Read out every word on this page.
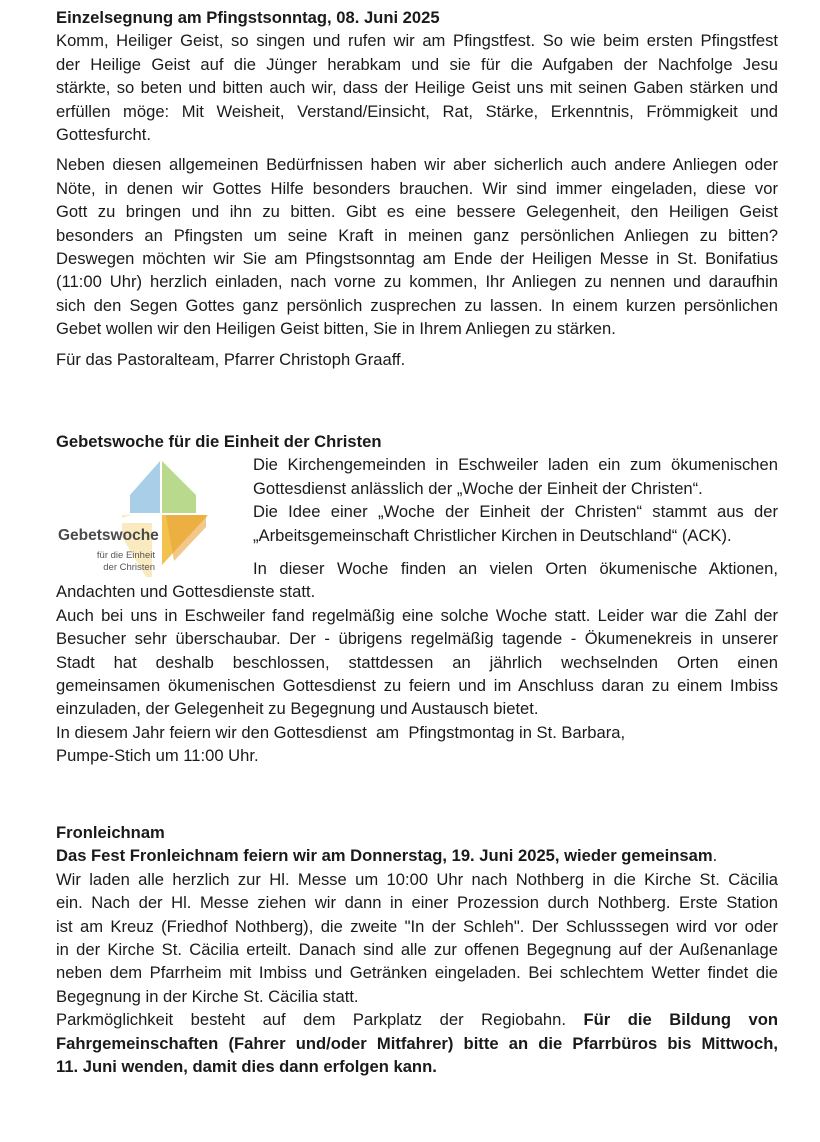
Einzelsegnung am Pfingstsonntag, 08. Juni 2025

Komm, Heiliger Geist, so singen und rufen wir am Pfingstfest. So wie beim ersten Pfingstfest
der Heilige Geist auf die Jünger herabkam und sie für die Aufgaben der Nachfolge Jesu
stärkte, so beten und bitten auch wir, dass der Heilige Geist uns mit seinen Gaben stärken und
erfüllen möge: Mit Weisheit, Verstand/Einsicht, Rat, Stärke, Erkenntnis, Frömmigkeit und
Gottesfurcht.

Neben diesen allgemeinen Bedürfnissen haben wir aber sicherlich auch andere Anliegen oder
Nöte, in denen wir Gottes Hilfe besonders brauchen. Wir sind immer eingeladen, diese vor
Gott zu bringen und ihn zu bitten. Gibt es eine bessere Gelegenheit, den Heiligen Geist
besonders an Pfingsten um seine Kraft in meinen ganz persönlichen Anliegen zu bitten?
Deswegen möchten wir Sie am Pfingstsonntag am Ende der Heiligen Messe in St. Bonifatius
(11:00 Uhr) herzlich einladen, nach vorne zu kommen, Ihr Anliegen zu nennen und daraufhin
sich den Segen Gottes ganz persönlich zusprechen zu lassen. In einem kurzen persönlichen
Gebet wollen wir den Heiligen Geist bitten, Sie in Ihrem Anliegen zu stärken.

Für das Pastoralteam, Pfarrer Christoph Graaff.

Gebetswoche für die Einheit der Christen
Gebetswoche
für die Einheit
der Christen
Die Kirchengemeinden in Eschweiler laden ein zum ökumenischen
Gottesdienst anlässlich der „Woche der Einheit der Christen“.
Die Idee einer „Woche der Einheit der Christen“ stammt aus der
„Arbeitsgemeinschaft Christlicher Kirchen in Deutschland“ (ACK).
In dieser Woche finden an vielen Orten ökumenische Aktionen,
Andachten und Gottesdienste statt.
Auch bei uns in Eschweiler fand regelmäßig eine solche Woche statt. Leider war die Zahl der
Besucher sehr überschaubar. Der - übrigens regelmäßig tagende - Ökumenekreis in unserer
Stadt hat deshalb beschlossen, stattdessen an jährlich wechselnden Orten einen
gemeinsamen ökumenischen Gottesdienst zu feiern und im Anschluss daran zu einem Imbiss
einzuladen, der Gelegenheit zu Begegnung und Austausch bietet.
In diesem Jahr feiern wir den Gottesdienst  am  Pfingstmontag in St. Barbara,
Pumpe-Stich um 11:00 Uhr.
Fronleichnam
Das Fest Fronleichnam feiern wir am Donnerstag, 19. Juni 2025, wieder gemeinsam.
Wir laden alle herzlich zur Hl. Messe um 10:00 Uhr nach Nothberg in die Kirche St. Cäcilia
ein. Nach der Hl. Messe ziehen wir dann in einer Prozession durch Nothberg. Erste Station
ist am Kreuz (Friedhof Nothberg), die zweite "In der Schleh". Der Schlusssegen wird vor oder
in der Kirche St. Cäcilia erteilt. Danach sind alle zur offenen Begegnung auf der Außenanlage
neben dem Pfarrheim mit Imbiss und Getränken eingeladen. Bei schlechtem Wetter findet die
Begegnung in der Kirche St. Cäcilia statt.
Parkmöglichkeit besteht auf dem Parkplatz der Regiobahn. Für die Bildung von
Fahrgemeinschaften (Fahrer und/oder Mitfahrer) bitte an die Pfarrbüros bis Mittwoch,
11. Juni wenden, damit dies dann erfolgen kann.
